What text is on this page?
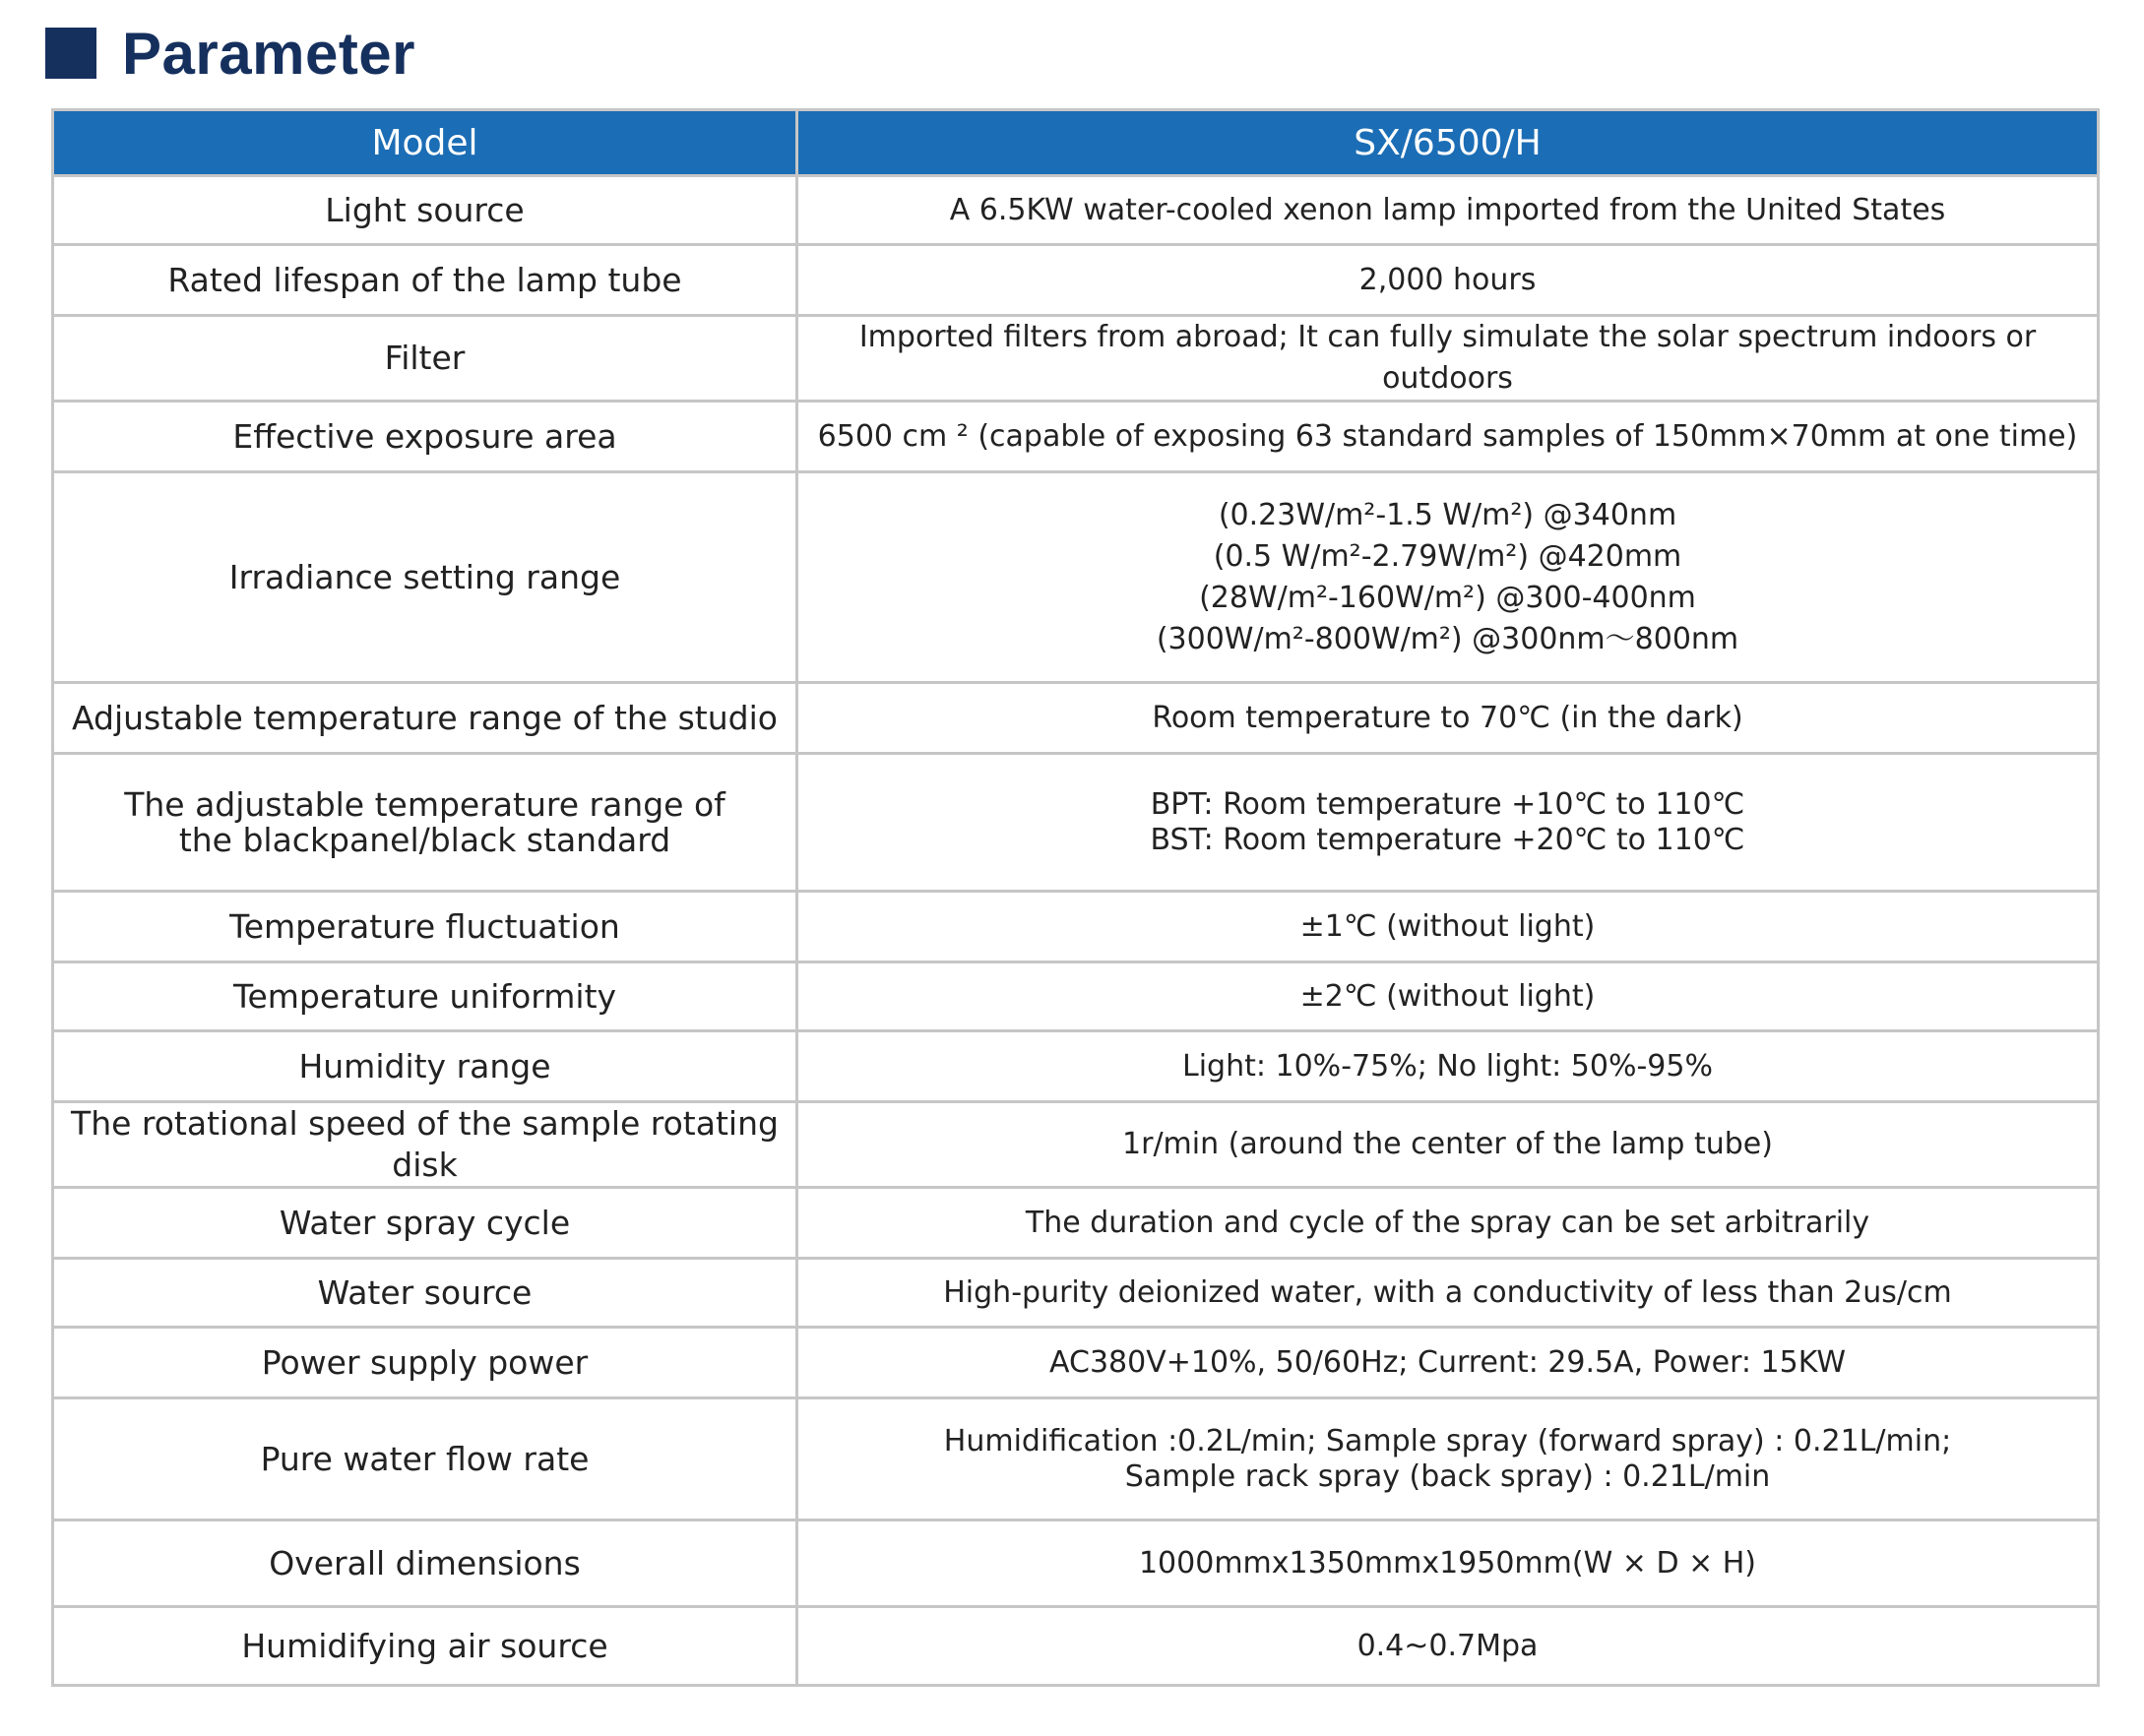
Parameter
Model	SX/6500/H

Light source	A 6.5KW water-cooled xenon lamp imported from the United States

Rated lifespan of the lamp tube	2,000 hours

Filter	Imported filters from abroad; It can fully simulate the solar spectrum indoors or outdoors

Effective exposure area	6500 cm ² (capable of exposing 63 standard samples of 150mm×70mm at one time)

Irradiance setting range	(0.23W/m²-1.5 W/m²) @340nm
(0.5 W/m²-2.79W/m²) @420mm
(28W/m²-160W/m²) @300-400nm
(300W/m²-800W/m²) @300nm～800nm

Adjustable temperature range of the studio	Room temperature to 70℃ (in the dark)

The adjustable temperature range of
the blackpanel/black standard	BPT: Room temperature +10℃ to 110℃
BST: Room temperature +20℃ to 110℃

Temperature fluctuation	±1℃ (without light)

Temperature uniformity	±2℃ (without light)

Humidity range	Light: 10%-75%; No light: 50%-95%

The rotational speed of the sample rotating disk	1r/min (around the center of the lamp tube)

Water spray cycle	The duration and cycle of the spray can be set arbitrarily

Water source	High-purity deionized water, with a conductivity of less than 2us/cm

Power supply power	AC380V+10%, 50/60Hz; Current: 29.5A, Power: 15KW

Pure water flow rate	Humidification :0.2L/min; Sample spray (forward spray) : 0.21L/min;
Sample rack spray (back spray) : 0.21L/min

Overall dimensions	1000mmx1350mmx1950mm(W × D × H)

Humidifying air source	0.4~0.7Mpa
